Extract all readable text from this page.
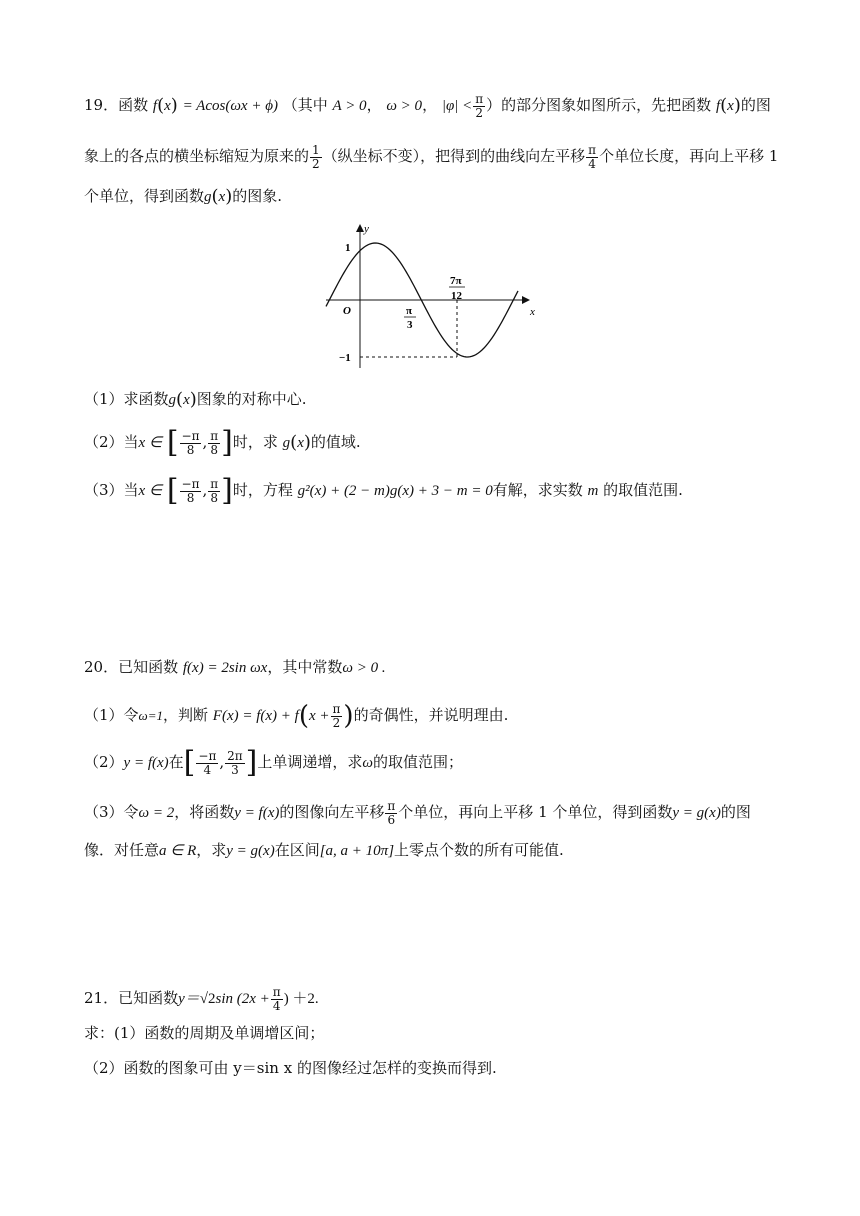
19．函数 f(x) = Acos(ωx + ϕ) （其中 A > 0， ω > 0， $|\varphi| < \frac{\pi}{2}$ ）的部分图象如图所示，先把函数 f(x)的图
象上的各点的横坐标缩短为原来的 $\frac{1}{2}$ （纵坐标不变），把得到的曲线向左平移 $\frac{\pi}{4}$ 个单位长度，再向上平移 1
个单位，得到函数g(x)的图象.
y
x
O
1
−1
π
3
7π
12
（1）求函数g(x)图象的对称中心.
（2）当x ∈ [ $\frac{-\pi}{8}$ , $\frac{\pi}{8}$ ]时，求 g(x)的值域.
（3）当x ∈ [ $\frac{-\pi}{8}$ , $\frac{\pi}{8}$ ]时，方程 g²(x) + (2 − m)g(x) + 3 − m = 0有解，求实数 m 的取值范围.
20．已知函数 f(x) = 2sin ωx，其中常数ω > 0 .
（1）令ω=1，判断 $F(x) = f(x) + f(x + \frac{\pi}{2}$ )的奇偶性，并说明理由.
（2）y = f(x)在[ $\frac{-\pi}{4}$ , $\frac{2\pi}{3}$ ]上单调递增，求ω的取值范围；
（3）令ω = 2，将函数y = f(x)的图像向左平移 $\frac{\pi}{6}$ 个单位，再向上平移 1 个单位，得到函数y = g(x)的图
像．对任意a ∈ R，求y = g(x)在区间[a, a + 10π]上零点个数的所有可能值.
21．已知函数y＝√2sin ($2x + \frac{\pi}{4}$ ) ＋2.
求：(1）函数的周期及单调增区间；
（2）函数的图象可由 y＝sin x 的图像经过怎样的变换而得到.
